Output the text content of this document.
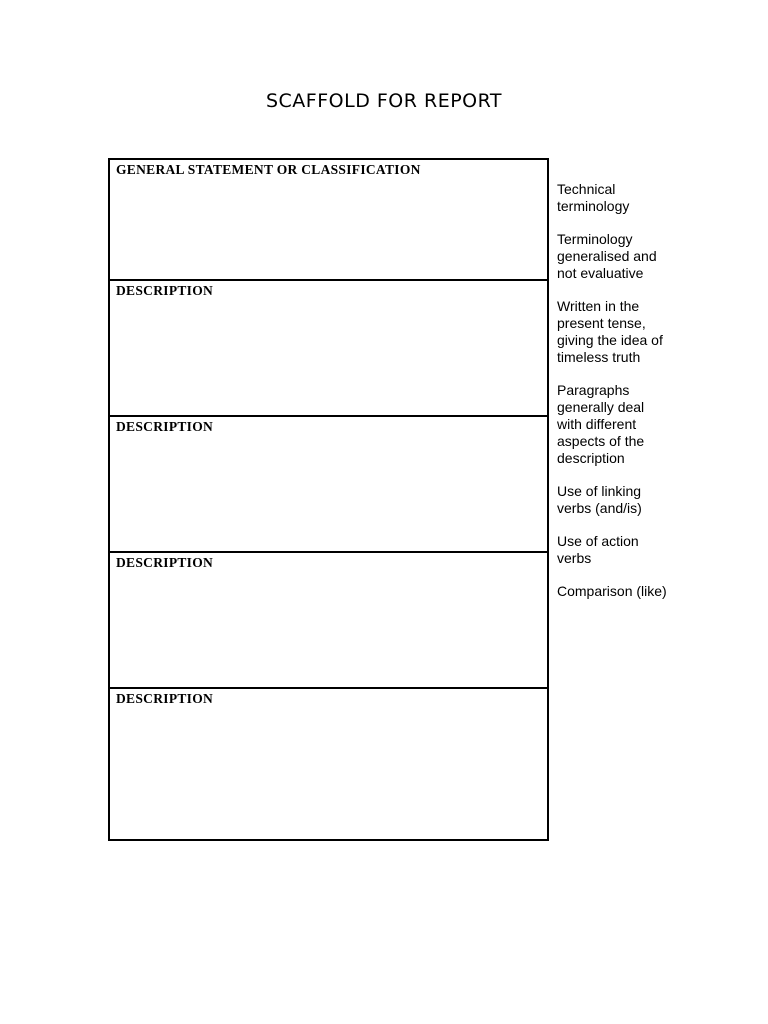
SCAFFOLD FOR REPORT
GENERAL STATEMENT OR CLASSIFICATION
DESCRIPTION
DESCRIPTION
DESCRIPTION
DESCRIPTION

Technical
terminology

Terminology
generalised and
not evaluative

Written in the
present tense,
giving the idea of
timeless truth

Paragraphs
generally deal
with different
aspects of the
description

Use of linking
verbs (and/is)

Use of action
verbs

Comparison (like)
